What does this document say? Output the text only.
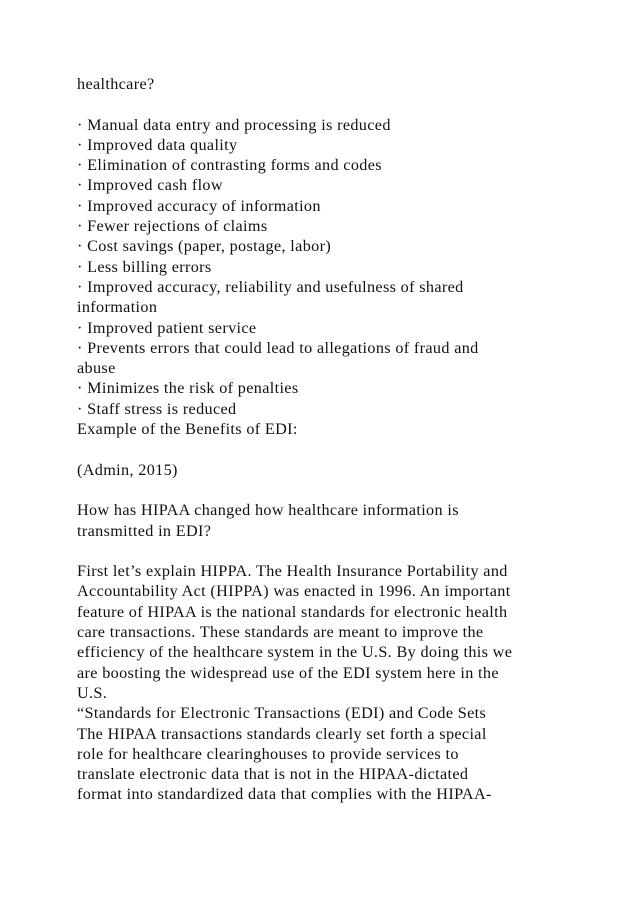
healthcare?
· Manual data entry and processing is reduced
· Improved data quality
· Elimination of contrasting forms and codes
· Improved cash flow
· Improved accuracy of information
· Fewer rejections of claims
· Cost savings (paper, postage, labor)
· Less billing errors
· Improved accuracy, reliability and usefulness of shared
information
· Improved patient service
· Prevents errors that could lead to allegations of fraud and
abuse
· Minimizes the risk of penalties
· Staff stress is reduced
Example of the Benefits of EDI:
(Admin, 2015)
How has HIPAA changed how healthcare information is
transmitted in EDI?
First let’s explain HIPPA. The Health Insurance Portability and
Accountability Act (HIPPA) was enacted in 1996. An important
feature of HIPAA is the national standards for electronic health
care transactions. These standards are meant to improve the
efficiency of the healthcare system in the U.S. By doing this we
are boosting the widespread use of the EDI system here in the
U.S.
“Standards for Electronic Transactions (EDI) and Code Sets
The HIPAA transactions standards clearly set forth a special
role for healthcare clearinghouses to provide services to
translate electronic data that is not in the HIPAA-dictated
format into standardized data that complies with the HIPAA-
